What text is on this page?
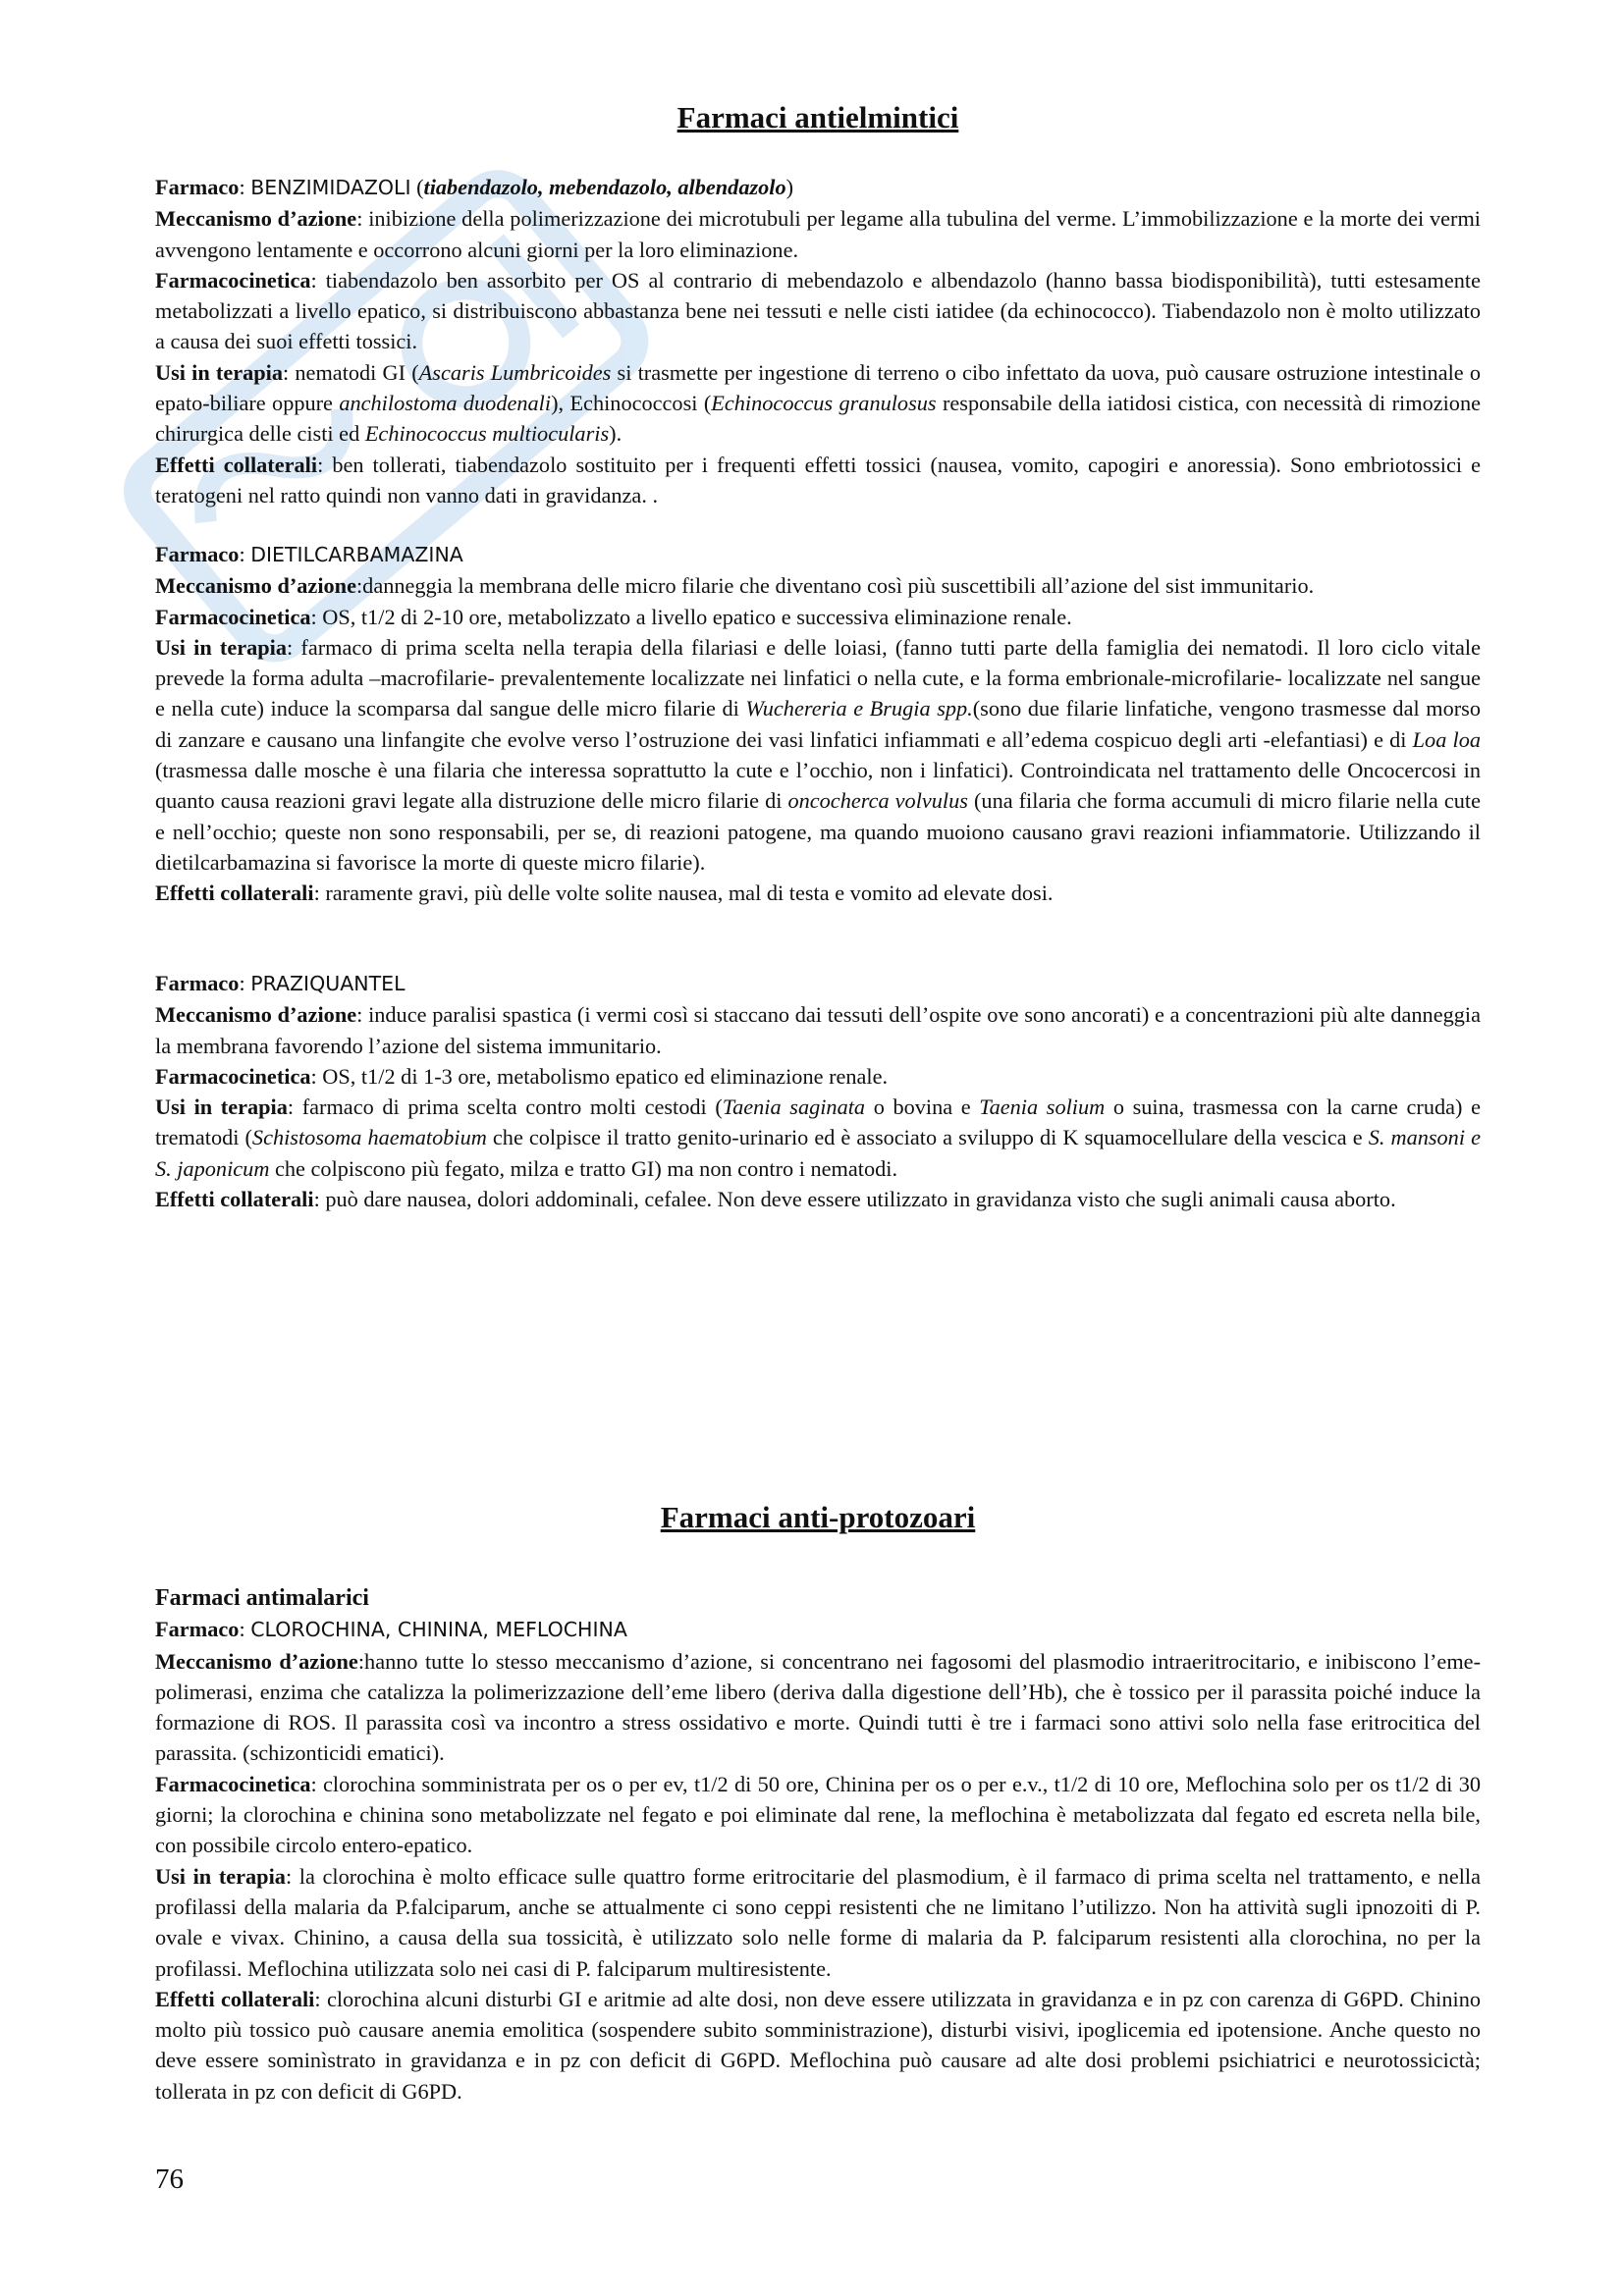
Farmaci antielmintici

Farmaco: BENZIMIDAZOLI (tiabendazolo, mebendazolo, albendazolo)

Meccanismo d’azione: inibizione della polimerizzazione dei microtubuli per legame alla tubulina del verme. L’immobilizzazione e la morte dei vermi avvengono lentamente e occorrono alcuni giorni per la loro eliminazione.

Farmacocinetica: tiabendazolo ben assorbito per OS al contrario di mebendazolo e albendazolo (hanno bassa biodisponibilità), tutti estesamente metabolizzati a livello epatico, si distribuiscono abbastanza bene nei tessuti e nelle cisti iatidee (da echinococco). Tiabendazolo non è molto utilizzato a causa dei suoi effetti tossici.

Usi in terapia: nematodi GI (Ascaris Lumbricoides si trasmette per ingestione di terreno o cibo infettato da uova, può causare ostruzione intestinale o epato-biliare oppure anchilostoma duodenali), Echinococcosi (Echinococcus granulosus responsabile della iatidosi cistica, con necessità di rimozione chirurgica delle cisti ed Echinococcus multiocularis).

Effetti collaterali: ben tollerati, tiabendazolo sostituito per i frequenti effetti tossici (nausea, vomito, capogiri e anoressia). Sono embriotossici e teratogeni nel ratto quindi non vanno dati in gravidanza. .

Farmaco: DIETILCARBAMAZINA

Meccanismo d’azione:danneggia la membrana delle micro filarie che diventano così più suscettibili all’azione del sist immunitario.

Farmacocinetica: OS, t1/2 di 2-10 ore, metabolizzato a livello epatico e successiva eliminazione renale.

Usi in terapia: farmaco di prima scelta nella terapia della filariasi e delle loiasi, (fanno tutti parte della famiglia dei nematodi. Il loro ciclo vitale prevede la forma adulta –macrofilarie- prevalentemente localizzate nei linfatici o nella cute, e la forma embrionale-microfilarie- localizzate nel sangue e nella cute) induce la scomparsa dal sangue delle micro filarie di Wuchereria e Brugia spp.(sono due filarie linfatiche, vengono trasmesse dal morso di zanzare e causano una linfangite che evolve verso l’ostruzione dei vasi linfatici infiammati e all’edema cospicuo degli arti -elefantiasi) e di Loa loa (trasmessa dalle mosche è una filaria che interessa soprattutto la cute e l’occhio, non i linfatici). Controindicata nel trattamento delle Oncocercosi in quanto causa reazioni gravi legate alla distruzione delle micro filarie di oncocherca volvulus (una filaria che forma accumuli di micro filarie nella cute e nell’occhio; queste non sono responsabili, per se, di reazioni patogene, ma quando muoiono causano gravi reazioni infiammatorie. Utilizzando il dietilcarbamazina si favorisce la morte di queste micro filarie).

Effetti collaterali: raramente gravi, più delle volte solite nausea, mal di testa e vomito ad elevate dosi.

Farmaco: PRAZIQUANTEL

Meccanismo d’azione: induce paralisi spastica (i vermi così si staccano dai tessuti dell’ospite ove sono ancorati) e a concentrazioni più alte danneggia la membrana favorendo l’azione del sistema immunitario.

Farmacocinetica: OS, t1/2 di 1-3 ore, metabolismo epatico ed eliminazione renale.

Usi in terapia: farmaco di prima scelta contro molti cestodi (Taenia saginata o bovina e Taenia solium o suina, trasmessa con la carne cruda) e trematodi (Schistosoma haematobium che colpisce il tratto genito-urinario ed è associato a sviluppo di K squamocellulare della vescica e S. mansoni e S. japonicum che colpiscono più fegato, milza e tratto GI) ma non contro i nematodi.

Effetti collaterali: può dare nausea, dolori addominali, cefalee. Non deve essere utilizzato in gravidanza visto che sugli animali causa aborto.

Farmaci anti-protozoari

Farmaci antimalarici

Farmaco: CLOROCHINA, CHININA, MEFLOCHINA

Meccanismo d’azione:hanno tutte lo stesso meccanismo d’azione, si concentrano nei fagosomi del plasmodio intraeritrocitario, e inibiscono l’eme-polimerasi, enzima che catalizza la polimerizzazione dell’eme libero (deriva dalla digestione dell’Hb), che è tossico per il parassita poiché induce la formazione di ROS. Il parassita così va incontro a stress ossidativo e morte. Quindi tutti è tre i farmaci sono attivi solo nella fase eritrocitica del parassita. (schizonticidi ematici).

Farmacocinetica: clorochina somministrata per os o per ev, t1/2 di 50 ore, Chinina per os o per e.v., t1/2 di 10 ore, Meflochina solo per os t1/2 di 30 giorni; la clorochina e chinina sono metabolizzate nel fegato e poi eliminate dal rene, la meflochina è metabolizzata dal fegato ed escreta nella bile, con possibile circolo entero-epatico.

Usi in terapia: la clorochina è molto efficace sulle quattro forme eritrocitarie del plasmodium, è il farmaco di prima scelta nel trattamento, e nella profilassi della malaria da P.falciparum, anche se attualmente ci sono ceppi resistenti che ne limitano l’utilizzo. Non ha attività sugli ipnozoiti di P. ovale e vivax. Chinino, a causa della sua tossicità, è utilizzato solo nelle forme di malaria da P. falciparum resistenti alla clorochina, no per la profilassi. Meflochina utilizzata solo nei casi di P. falciparum multiresistente.

Effetti collaterali: clorochina alcuni disturbi GI e aritmie ad alte dosi, non deve essere utilizzata in gravidanza e in pz con carenza di G6PD. Chinino molto più tossico può causare anemia emolitica (sospendere subito somministrazione), disturbi visivi, ipoglicemia ed ipotensione. Anche questo no deve essere sominìstrato in gravidanza e in pz con deficit di G6PD. Meflochina può causare ad alte dosi problemi psichiatrici e neurotossicictà; tollerata in pz con deficit di G6PD.

76
